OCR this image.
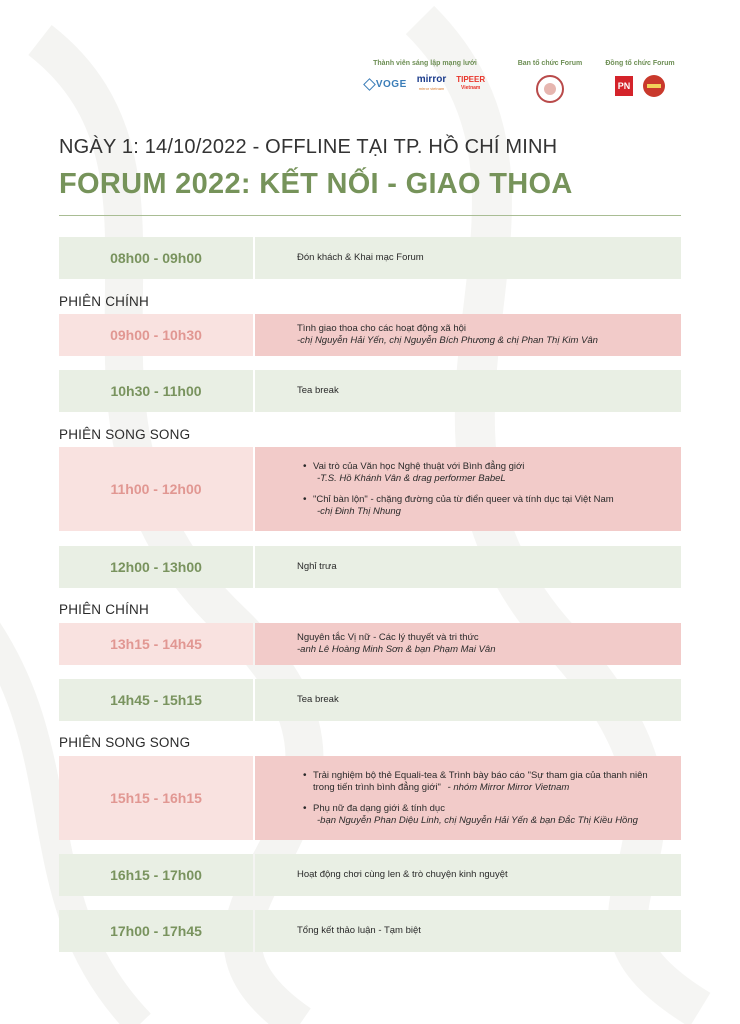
Thành viên sáng lập mạng lưới
VOGE mirror
mirror vietnam
TIPEER
Vietnam
Ban tổ chức Forum	Đồng tổ chức Forum
PN
NGÀY 1: 14/10/2022 - OFFLINE TẠI TP. HỒ CHÍ MINH
FORUM 2022: KẾT NỐI - GIAO THOA
08h00 - 09h00	Đón khách & Khai mạc Forum
PHIÊN CHÍNH
09h00 - 10h30	Tình giao thoa cho các hoạt động xã hội
-chị Nguyễn Hải Yến, chị Nguyễn Bích Phương & chị Phan Thị Kim Vân
10h30 - 11h00	Tea break
PHIÊN SONG SONG
11h00 - 12h00
• Vai trò của Văn học Nghệ thuật với Bình đẳng giới
-T.S. Hồ Khánh Vân & drag performer BabeL
• "Chỉ bàn lộn" - chặng đường của từ điển queer và tính dục tại Việt Nam
-chị Đinh Thị Nhung
12h00 - 13h00	Nghỉ trưa
PHIÊN CHÍNH
13h15 - 14h45	Nguyên tắc Vị nữ - Các lý thuyết và tri thức
-anh Lê Hoàng Minh Sơn & bạn Phạm Mai Vân
14h45 - 15h15	Tea break
PHIÊN SONG SONG
15h15 - 16h15
• Trải nghiệm bộ thẻ Equali-tea & Trình bày báo cáo "Sự tham gia của thanh niên
trong tiến trình bình đẳng giới" - nhóm Mirror Mirror Vietnam
• Phụ nữ đa dạng giới & tính dục
-bạn Nguyễn Phan Diệu Linh, chị Nguyễn Hải Yến & bạn Đắc Thị Kiều Hồng
16h15 - 17h00	Hoạt động chơi cùng len & trò chuyện kinh nguyệt
17h00 - 17h45	Tổng kết thảo luận - Tạm biệt
